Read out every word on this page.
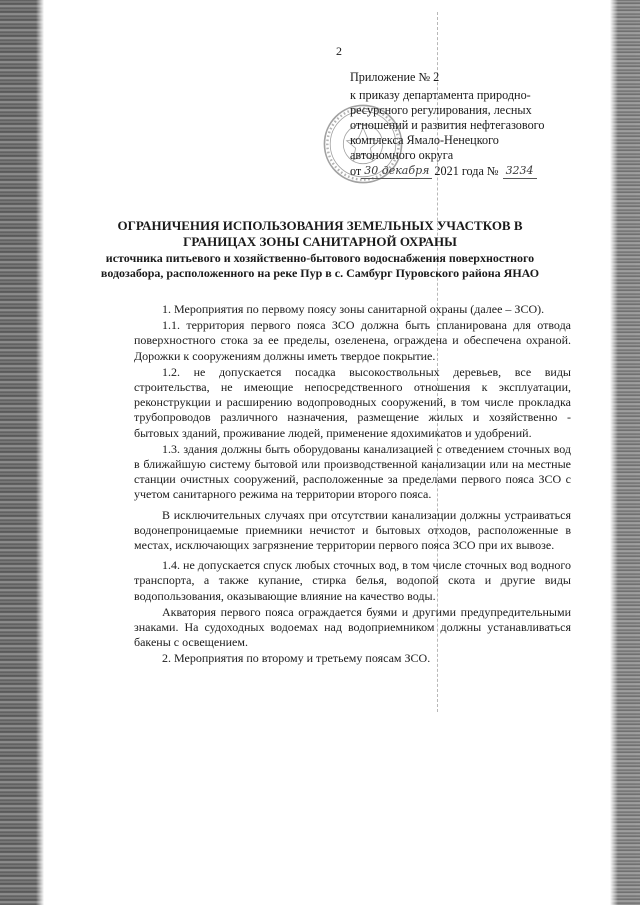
2

Приложение № 2

к приказу департамента природно-

ресурсного регулирования, лесных

отношений и развития нефтегазового

комплекса Ямало-Ненецкого

автономного округа

от 30 декабря 2021 года № 3234
ОГРАНИЧЕНИЯ ИСПОЛЬЗОВАНИЯ ЗЕМЕЛЬНЫХ УЧАСТКОВ В ГРАНИЦАХ ЗОНЫ САНИТАРНОЙ ОХРАНЫ
источника питьевого и хозяйственно-бытового водоснабжения поверхностного водозабора, расположенного на реке Пур в с. Самбург Пуровского района ЯНАО

1. Мероприятия по первому поясу зоны санитарной охраны (далее – ЗСО).

1.1. территория первого пояса ЗСО должна быть спланирована для отвода поверхностного стока за ее пределы, озеленена, ограждена и обеспечена охраной. Дорожки к сооружениям должны иметь твердое покрытие.

1.2. не допускается посадка высокоствольных деревьев, все виды строительства, не имеющие непосредственного отношения к эксплуатации, реконструкции и расширению водопроводных сооружений, в том числе прокладка трубопроводов различного назначения, размещение жилых и хозяйственно - бытовых зданий, проживание людей, применение ядохимикатов и удобрений.

1.3. здания должны быть оборудованы канализацией с отведением сточных вод в ближайшую систему бытовой или производственной канализации или на местные станции очистных сооружений, расположенные за пределами первого пояса ЗСО с учетом санитарного режима на территории второго пояса.

В исключительных случаях при отсутствии канализации должны устраиваться водонепроницаемые приемники нечистот и бытовых отходов, расположенные в местах, исключающих загрязнение территории первого пояса ЗСО при их вывозе.

1.4. не допускается спуск любых сточных вод, в том числе сточных вод водного транспорта, а также купание, стирка белья, водопой скота и другие виды водопользования, оказывающие влияние на качество воды.

Акватория первого пояса ограждается буями и другими предупредительными знаками. На судоходных водоемах над водоприемником должны устанавливаться бакены с освещением.

2. Мероприятия по второму и третьему поясам ЗСО.
